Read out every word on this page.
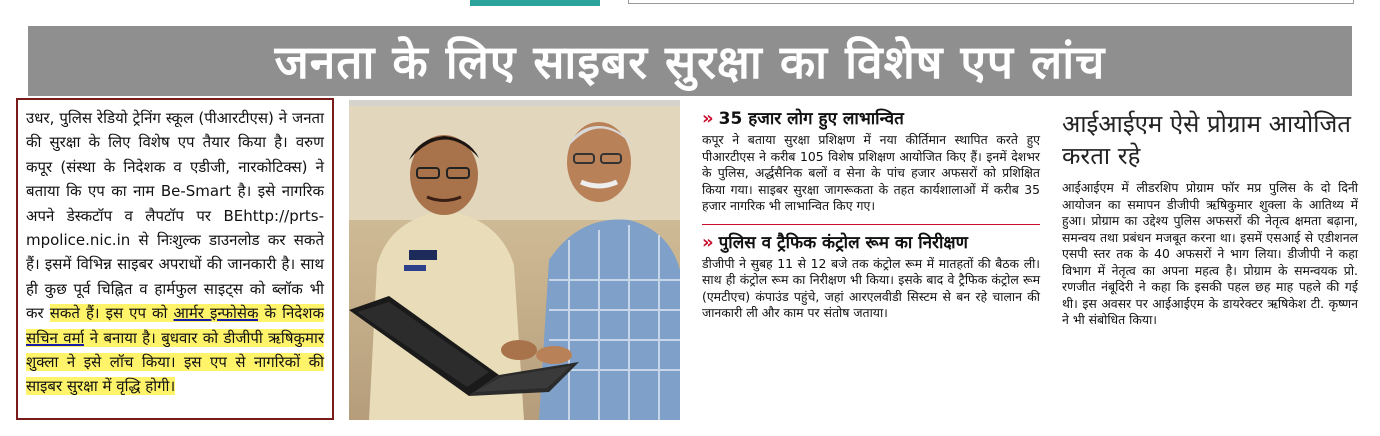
जनता के लिए साइबर सुरक्षा का विशेष एप लांच
उधर, पुलिस रेडियो ट्रेनिंग स्कूल (पीआरटीएस) ने जनता की सुरक्षा के लिए विशेष एप तैयार किया है। वरुण कपूर (संस्था के निदेशक व एडीजी, नारकोटिक्स) ने बताया कि एप का नाम Be-Smart है। इसे नागरिक अपने डेस्कटॉप व लैपटॉप पर BEhttp://prts-mpolice.nic.in से निःशुल्क डाउनलोड कर सकते हैं। इसमें विभिन्न साइबर अपराधों की जानकारी है। साथ ही कुछ पूर्व चिह्नित व हार्मफुल साइट्स को ब्लॉक भी कर सकते हैं। इस एप को आर्मर इन्फोसेक के निदेशक सचिन वर्मा ने बनाया है। बुधवार को डीजीपी ऋषिकुमार शुक्ला ने इसे लॉच किया। इस एप से नागरिकों की साइबर सुरक्षा में वृद्धि होगी।
» 35 हजार लोग हुए लाभान्वित
कपूर ने बताया सुरक्षा प्रशिक्षण में नया कीर्तिमान स्थापित करते हुए पीआरटीएस ने करीब 105 विशेष प्रशिक्षण आयोजित किए हैं। इनमें देशभर के पुलिस, अर्द्धसैनिक बलों व सेना के पांच हजार अफसरों को प्रशिक्षित किया गया। साइबर सुरक्षा जागरूकता के तहत कार्यशालाओं में करीब 35 हजार नागरिक भी लाभान्वित किए गए।
» पुलिस व ट्रैफिक कंट्रोल रूम का निरीक्षण
डीजीपी ने सुबह 11 से 12 बजे तक कंट्रोल रूम में मातहतों की बैठक ली। साथ ही कंट्रोल रूम का निरीक्षण भी किया। इसके बाद वे ट्रैफिक कंट्रोल रूम (एमटीएच) कंपाउंड पहुंचे, जहां आरएलवीडी सिस्टम से बन रहे चालान की जानकारी ली और काम पर संतोष जताया।
आईआईएम ऐसे प्रोग्राम आयोजित करता रहे
आईआईएम में लीडरशिप प्रोग्राम फॉर मप्र पुलिस के दो दिनी आयोजन का समापन डीजीपी ऋषिकुमार शुक्ला के आतिथ्य में हुआ। प्रोग्राम का उद्देश्य पुलिस अफसरों की नेतृत्व क्षमता बढ़ाना, समन्वय तथा प्रबंधन मजबूत करना था। इसमें एसआई से एडीशनल एसपी स्तर तक के 40 अफसरों ने भाग लिया। डीजीपी ने कहा विभाग में नेतृत्व का अपना महत्व है। प्रोग्राम के समन्वयक प्रो. रणजीत नंबूदिरी ने कहा कि इसकी पहल छह माह पहले की गई थी। इस अवसर पर आईआईएम के डायरेक्टर ऋषिकेश टी. कृष्णन ने भी संबोधित किया।
